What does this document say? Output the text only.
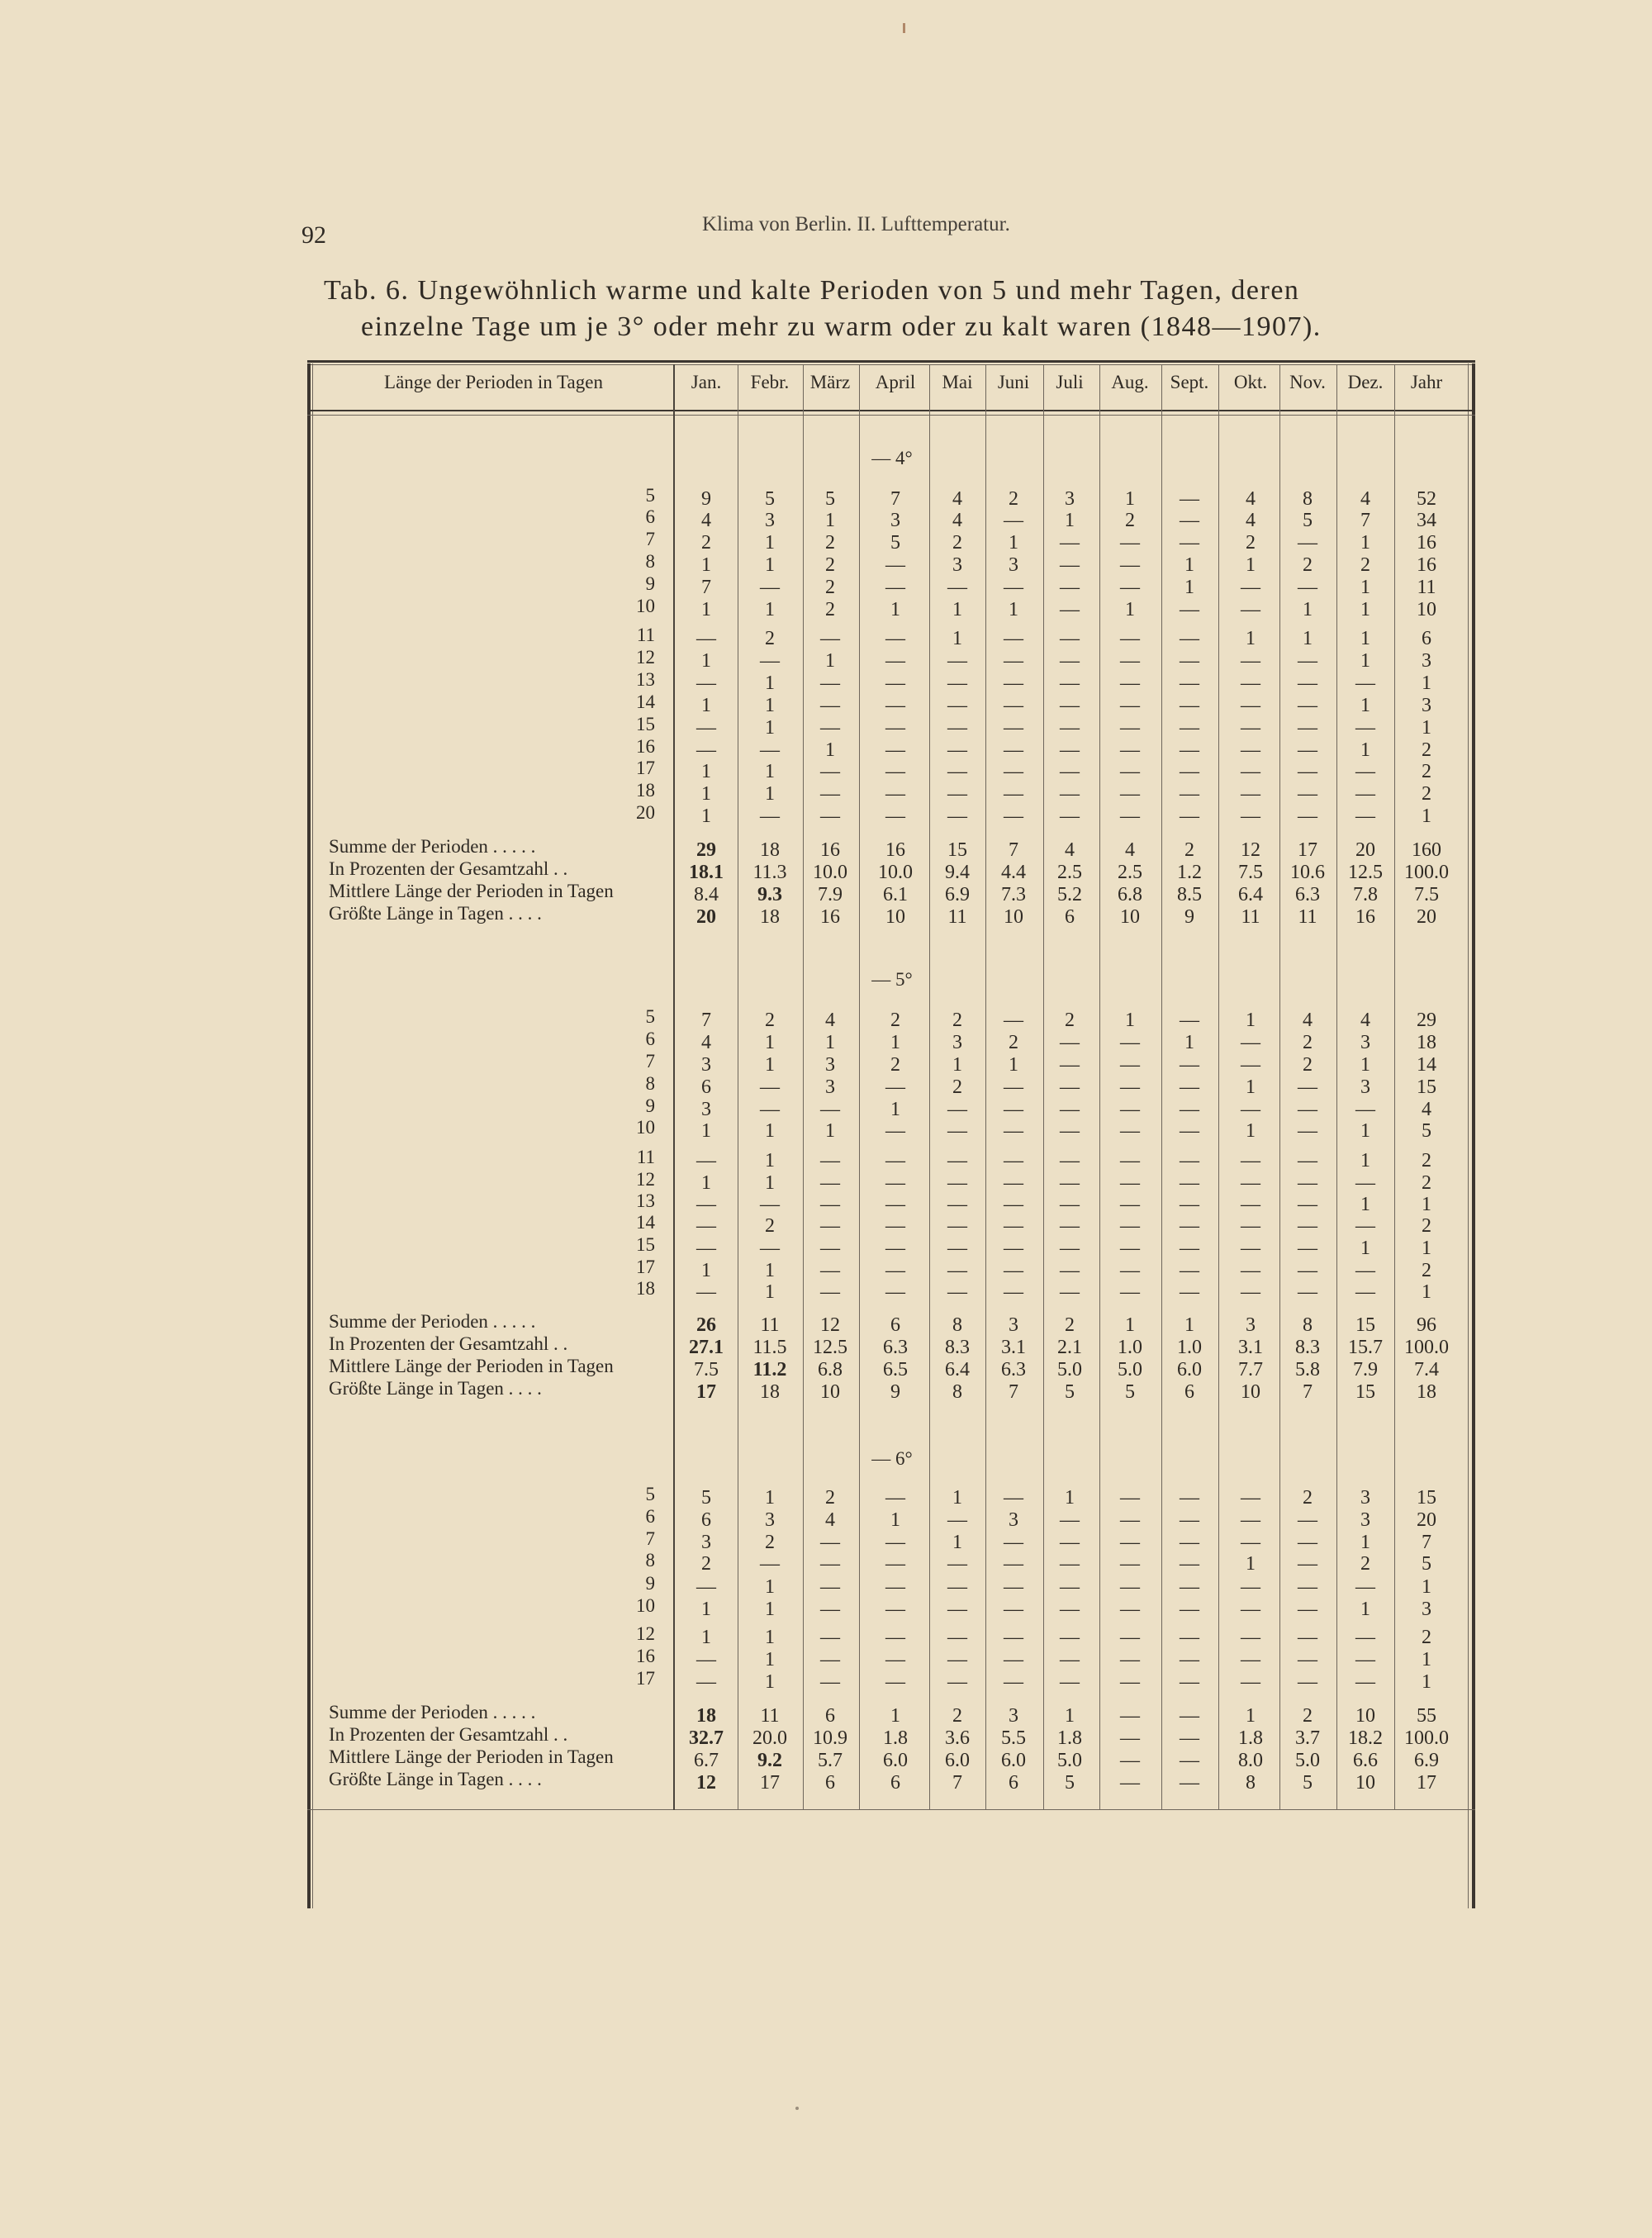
92	Klima von Berlin. II. Lufttemperatur.
Tab. 6. Ungewöhnlich warme und kalte Perioden von 5 und mehr Tagen, deren
einzelne Tage um je 3° oder mehr zu warm oder zu kalt waren (1848—1907).
Länge der Perioden in Tagen	Jan.	Febr.	März	April	Mai	Juni	Juli	Aug.	Sept.	Okt.	Nov.	Dez.	Jahr
— 4°
5	9	5	5	7	4	2	3	1	—	4	8	4	52
6	4	3	1	3	4	—	1	2	—	4	5	7	34
7	2	1	2	5	2	1	—	—	—	2	—	1	16
8	1	1	2	—	3	3	—	—	1	1	2	2	16
9	7	—	2	—	—	—	—	—	1	—	—	1	11
10	1	1	2	1	1	1	—	1	—	—	1	1	10
11	—	2	—	—	1	—	—	—	—	1	1	1	6
12	1	—	1	—	—	—	—	—	—	—	—	1	3
13	—	1	—	—	—	—	—	—	—	—	—	—	1
14	1	1	—	—	—	—	—	—	—	—	—	1	3
15	—	1	—	—	—	—	—	—	—	—	—	—	1
16	—	—	1	—	—	—	—	—	—	—	—	1	2
17	1	1	—	—	—	—	—	—	—	—	—	—	2
18	1	1	—	—	—	—	—	—	—	—	—	—	2
20	1	—	—	—	—	—	—	—	—	—	—	—	1
Summe der Perioden . . . . .	29	18	16	16	15	7	4	4	2	12	17	20	160
In Prozenten der Gesamtzahl . .	18.1	11.3	10.0	10.0	9.4	4.4	2.5	2.5	1.2	7.5	10.6	12.5	100.0
Mittlere Länge der Perioden in Tagen	8.4	9.3	7.9	6.1	6.9	7.3	5.2	6.8	8.5	6.4	6.3	7.8	7.5
Größte Länge in Tagen . . . .	20	18	16	10	11	10	6	10	9	11	11	16	20
— 5°
5	7	2	4	2	2	—	2	1	—	1	4	4	29
6	4	1	1	1	3	2	—	—	1	—	2	3	18
7	3	1	3	2	1	1	—	—	—	—	2	1	14
8	6	—	3	—	2	—	—	—	—	1	—	3	15
9	3	—	—	1	—	—	—	—	—	—	—	—	4
10	1	1	1	—	—	—	—	—	—	1	—	1	5
11	—	1	—	—	—	—	—	—	—	—	—	1	2
12	1	1	—	—	—	—	—	—	—	—	—	—	2
13	—	—	—	—	—	—	—	—	—	—	—	1	1
14	—	2	—	—	—	—	—	—	—	—	—	—	2
15	—	—	—	—	—	—	—	—	—	—	—	1	1
17	1	1	—	—	—	—	—	—	—	—	—	—	2
18	—	1	—	—	—	—	—	—	—	—	—	—	1
Summe der Perioden . . . . .	26	11	12	6	8	3	2	1	1	3	8	15	96
In Prozenten der Gesamtzahl . .	27.1	11.5	12.5	6.3	8.3	3.1	2.1	1.0	1.0	3.1	8.3	15.7	100.0
Mittlere Länge der Perioden in Tagen	7.5	11.2	6.8	6.5	6.4	6.3	5.0	5.0	6.0	7.7	5.8	7.9	7.4
Größte Länge in Tagen . . . .	17	18	10	9	8	7	5	5	6	10	7	15	18
— 6°
5	5	1	2	—	1	—	1	—	—	—	2	3	15
6	6	3	4	1	—	3	—	—	—	—	—	3	20
7	3	2	—	—	1	—	—	—	—	—	—	1	7
8	2	—	—	—	—	—	—	—	—	1	—	2	5
9	—	1	—	—	—	—	—	—	—	—	—	—	1
10	1	1	—	—	—	—	—	—	—	—	—	1	3
12	1	1	—	—	—	—	—	—	—	—	—	—	2
16	—	1	—	—	—	—	—	—	—	—	—	—	1
17	—	1	—	—	—	—	—	—	—	—	—	—	1
Summe der Perioden . . . . .	18	11	6	1	2	3	1	—	—	1	2	10	55
In Prozenten der Gesamtzahl . .	32.7	20.0	10.9	1.8	3.6	5.5	1.8	—	—	1.8	3.7	18.2	100.0
Mittlere Länge der Perioden in Tagen	6.7	9.2	5.7	6.0	6.0	6.0	5.0	—	—	8.0	5.0	6.6	6.9
Größte Länge in Tagen . . . .	12	17	6	6	7	6	5	—	—	8	5	10	17
